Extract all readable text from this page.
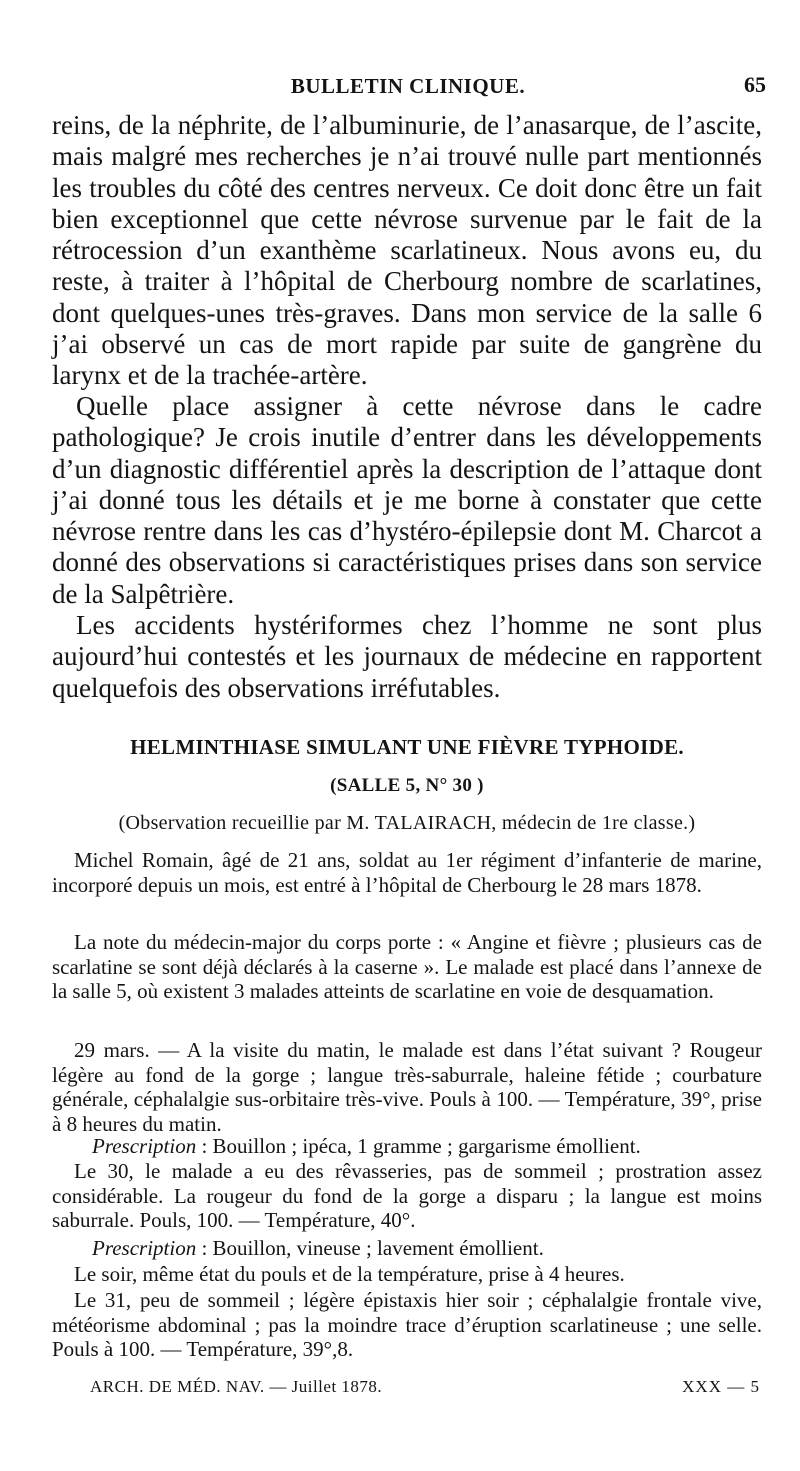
BULLETIN CLINIQUE.	65

reins, de la néphrite, de l’albuminurie, de l’anasarque, de l’ascite, mais malgré mes recherches je n’ai trouvé nulle part mentionnés les troubles du côté des centres nerveux. Ce doit donc être un fait bien exceptionnel que cette névrose survenue par le fait de la rétrocession d’un exanthème scarlatineux. Nous avons eu, du reste, à traiter à l’hôpital de Cherbourg nombre de scarlatines, dont quelques-unes très-graves. Dans mon service de la salle 6 j’ai observé un cas de mort rapide par suite de gangrène du larynx et de la trachée-artère.

Quelle place assigner à cette névrose dans le cadre pathologique? Je crois inutile d’entrer dans les développements d’un diagnostic différentiel après la description de l’attaque dont j’ai donné tous les détails et je me borne à constater que cette névrose rentre dans les cas d’hystéro-épilepsie dont M. Charcot a donné des observations si caractéristiques prises dans son service de la Salpêtrière.

Les accidents hystériformes chez l’homme ne sont plus aujourd’hui contestés et les journaux de médecine en rapportent quelquefois des observations irréfutables.

HELMINTHIASE SIMULANT UNE FIÈVRE TYPHOIDE.
(SALLE 5, N° 30 )
(Observation recueillie par M. TALAIRACH, médecin de 1re classe.)

Michel Romain, âgé de 21 ans, soldat au 1er régiment d’infanterie de marine, incorporé depuis un mois, est entré à l’hôpital de Cherbourg le 28 mars 1878.

La note du médecin-major du corps porte : « Angine et fièvre ; plusieurs cas de scarlatine se sont déjà déclarés à la caserne ». Le malade est placé dans l’annexe de la salle 5, où existent 3 malades atteints de scarlatine en voie de desquamation.

29 mars. — A la visite du matin, le malade est dans l’état suivant ? Rougeur légère au fond de la gorge ; langue très-saburrale, haleine fétide ; courbature générale, céphalalgie sus-orbitaire très-vive. Pouls à 100. — Température, 39°, prise à 8 heures du matin.

Prescription : Bouillon ; ipéca, 1 gramme ; gargarisme émollient.

Le 30, le malade a eu des rêvasseries, pas de sommeil ; prostration assez considérable. La rougeur du fond de la gorge a disparu ; la langue est moins saburrale. Pouls, 100. — Température, 40°.

Prescription : Bouillon, vineuse ; lavement émollient.

Le soir, même état du pouls et de la température, prise à 4 heures.

Le 31, peu de sommeil ; légère épistaxis hier soir ; céphalalgie frontale vive, météorisme abdominal ; pas la moindre trace d’éruption scarlatineuse ; une selle. Pouls à 100. — Température, 39°,8.

ARCH. DE MÉD. NAV. — Juillet 1878.	XXX — 5
